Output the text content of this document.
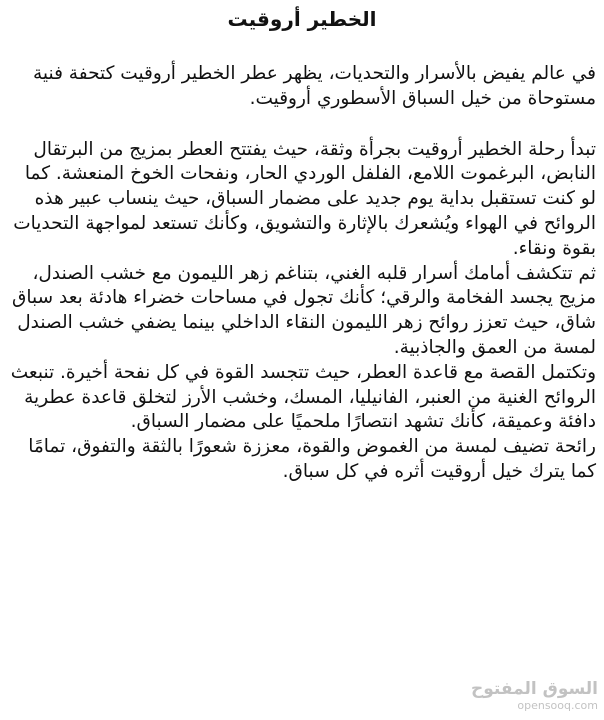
الخطير أروقيت

في عالم يفيض بالأسرار والتحديات، يظهر عطر الخطير أروقيت كتحفة فنية مستوحاة من خيل السباق الأسطوري أروقيت.

تبدأ رحلة الخطير أروقيت بجرأة وثقة، حيث يفتتح العطر بمزيج من البرتقال النابض، البرغموت اللامع، الفلفل الوردي الحار، ونفحات الخوخ المنعشة. كما لو كنت تستقبل بداية يوم جديد على مضمار السباق، حيث ينساب عبير هذه الروائح في الهواء ويُشعرك بالإثارة والتشويق، وكأنك تستعد لمواجهة التحديات بقوة ونقاء.

ثم تتكشف أمامك أسرار قلبه الغني، بتناغم زهر الليمون مع خشب الصندل، مزيج يجسد الفخامة والرقي؛ كأنك تجول في مساحات خضراء هادئة بعد سباق شاق، حيث تعزز روائح زهر الليمون النقاء الداخلي بينما يضفي خشب الصندل لمسة من العمق والجاذبية.

وتكتمل القصة مع قاعدة العطر، حيث تتجسد القوة في كل نفحة أخيرة. تنبعث الروائح الغنية من العنبر، الفانيليا، المسك، وخشب الأرز لتخلق قاعدة عطرية دافئة وعميقة، كأنك تشهد انتصارًا ملحميًا على مضمار السباق.

رائحة تضيف لمسة من الغموض والقوة، معززة شعورًا بالثقة والتفوق، تمامًا كما يترك خيل أروقيت أثره في كل سباق.

السوق المفتوح
opensooq.com
